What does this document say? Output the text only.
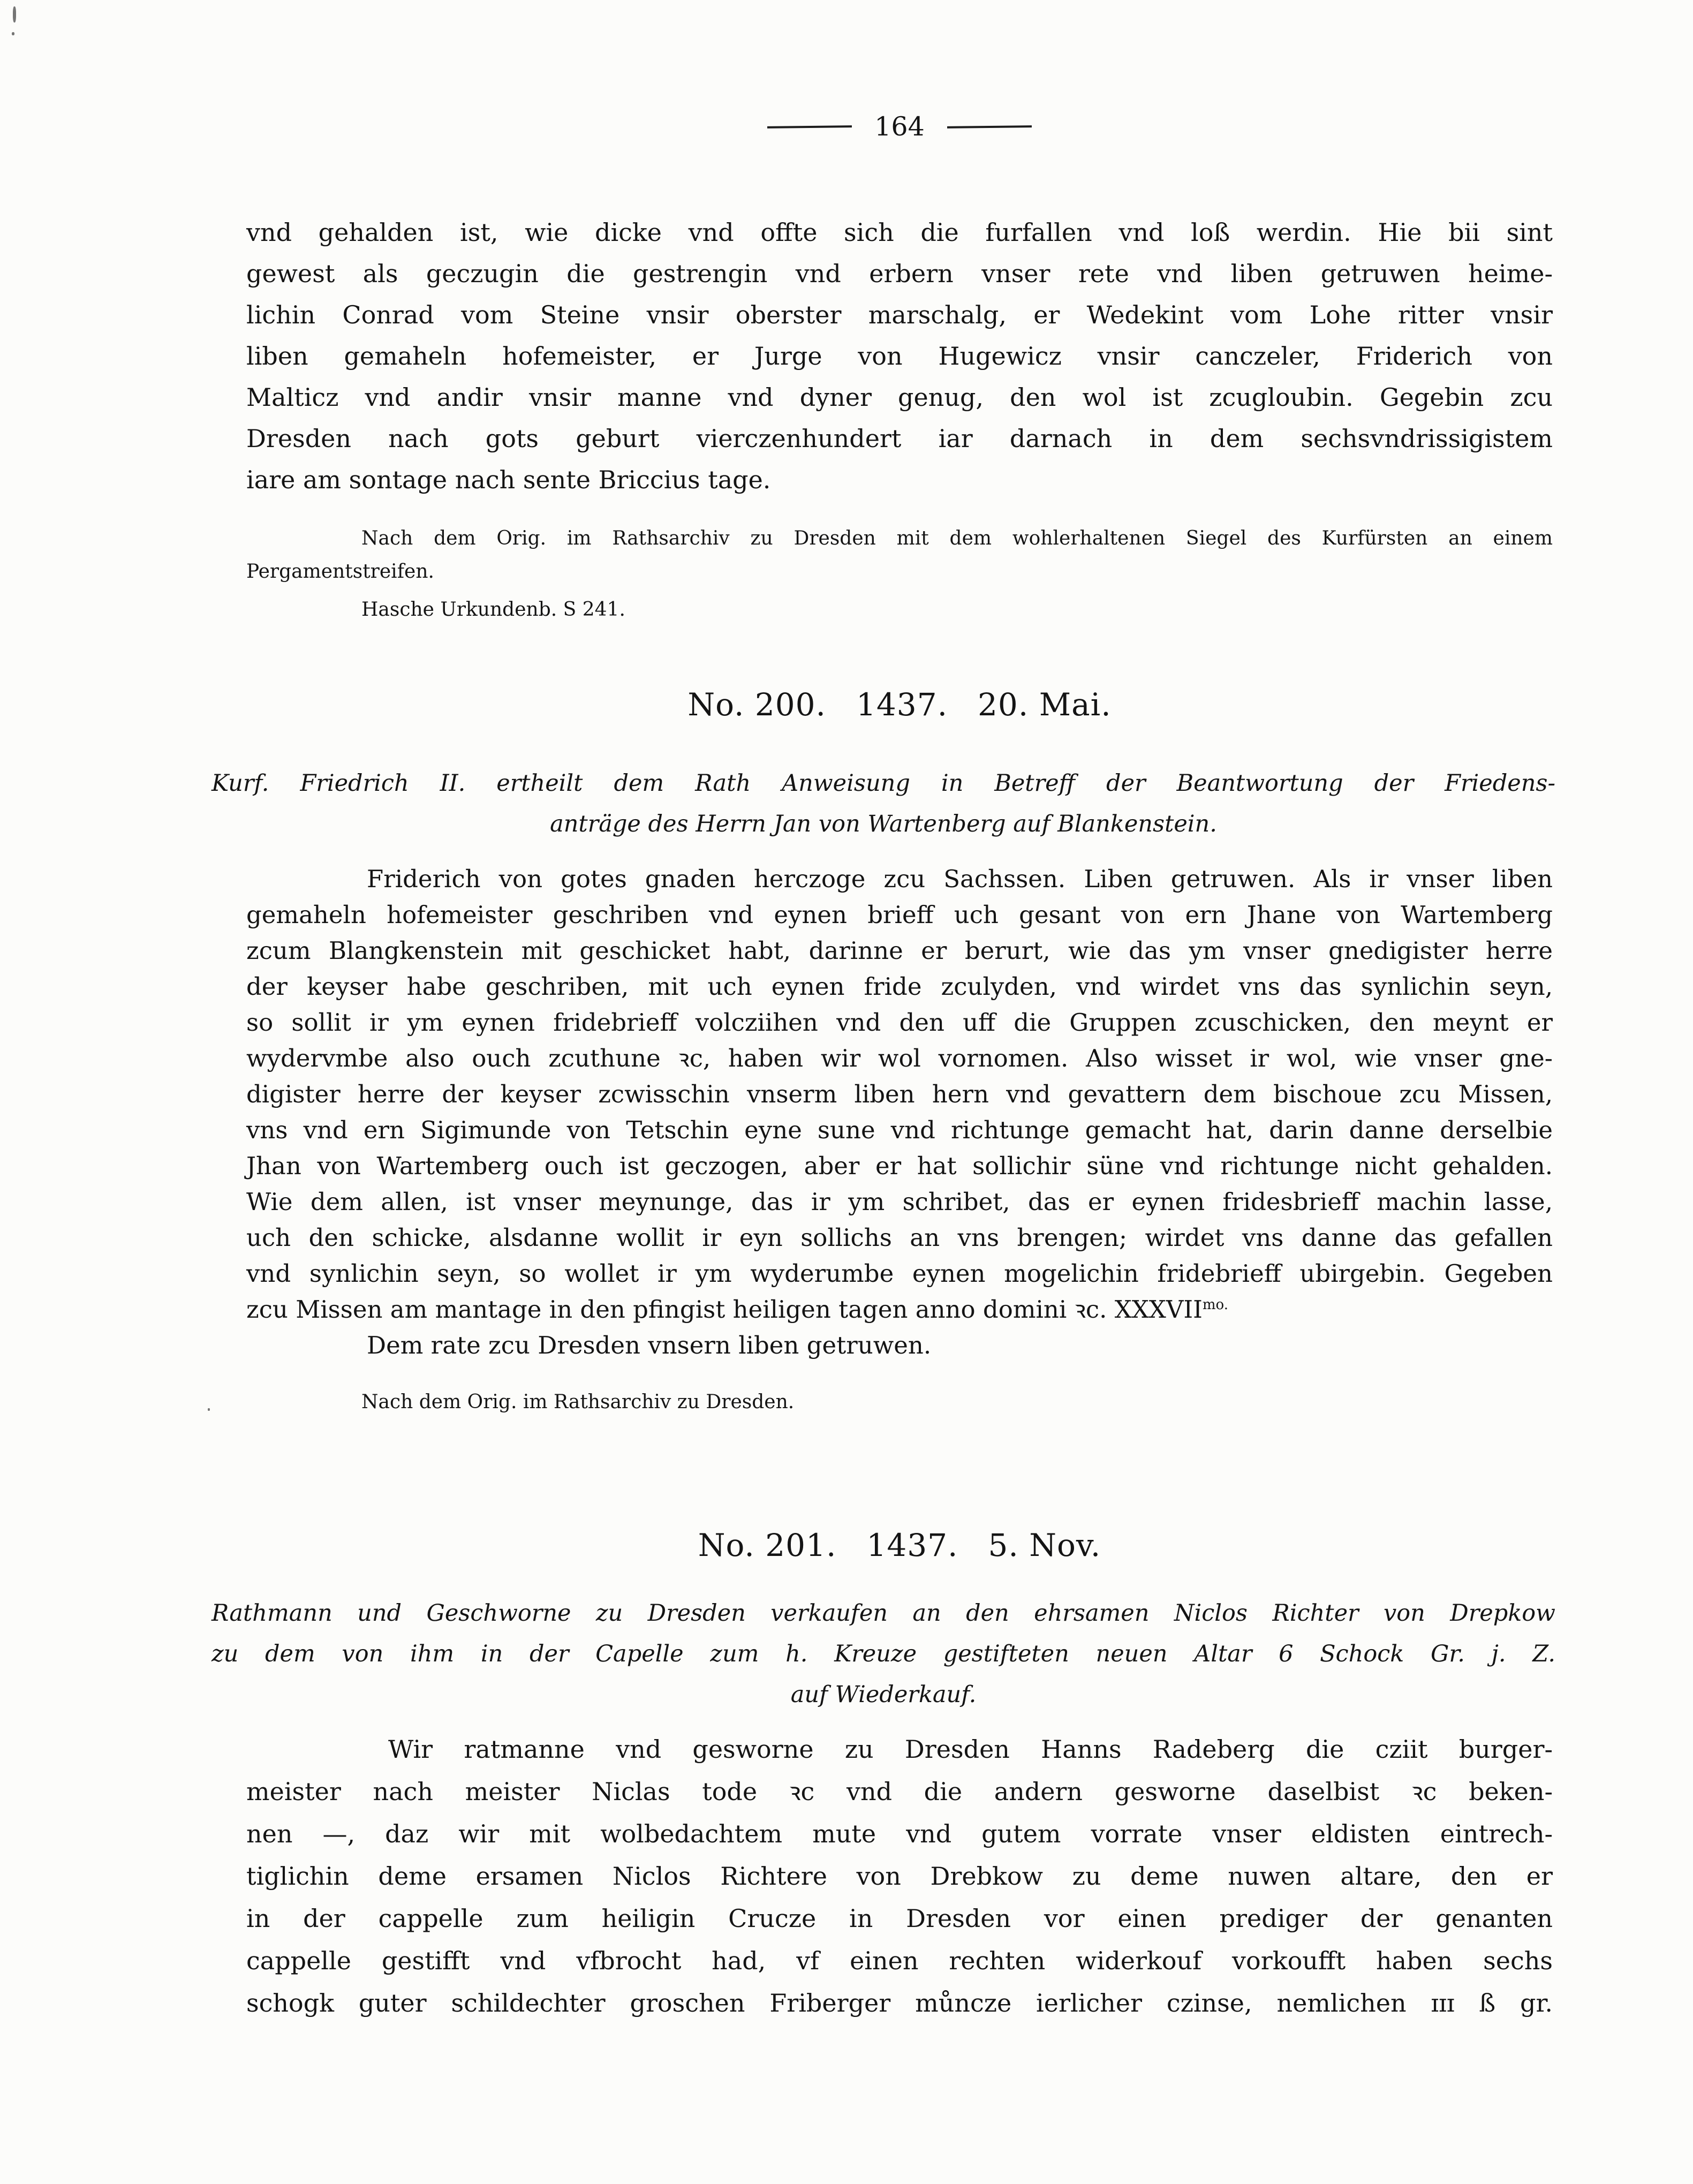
164
vnd gehalden ist, wie dicke vnd offte sich die furfallen vnd loß werdin. Hie bii sint
gewest als geczugin die gestrengin vnd erbern vnser rete vnd liben getruwen heime-
lichin Conrad vom Steine vnsir oberster marschalg, er Wedekint vom Lohe ritter vnsir
liben gemaheln hofemeister, er Jurge von Hugewicz vnsir canczeler, Friderich von
Malticz vnd andir vnsir manne vnd dyner genug, den wol ist zcugloubin. Gegebin zcu
Dresden nach gots geburt vierczenhundert iar darnach in dem sechsvndrissigistem
iare am sontage nach sente Briccius tage.
Nach dem Orig. im Rathsarchiv zu Dresden mit dem wohlerhaltenen Siegel des Kurfürsten an einem
Pergamentstreifen.
Hasche Urkundenb. S 241.
No. 200. 1437. 20. Mai.
Kurf. Friedrich II. ertheilt dem Rath Anweisung in Betreff der Beantwortung der Friedens-
anträge des Herrn Jan von Wartenberg auf Blankenstein.
Friderich von gotes gnaden herczoge zcu Sachssen. Liben getruwen. Als ir vnser liben
gemaheln hofemeister geschriben vnd eynen brieff uch gesant von ern Jhane von Wartemberg
zcum Blangkenstein mit geschicket habt, darinne er berurt, wie das ym vnser gnedigister herre
der keyser habe geschriben, mit uch eynen fride zculyden, vnd wirdet vns das synlichin seyn,
so sollit ir ym eynen fridebrieff volcziihen vnd den uff die Gruppen zcuschicken, den meynt er
wydervmbe also ouch zcuthune ꝛc, haben wir wol vornomen. Also wisset ir wol, wie vnser gne-
digister herre der keyser zcwisschin vnserm liben hern vnd gevattern dem bischoue zcu Missen,
vns vnd ern Sigimunde von Tetschin eyne sune vnd richtunge gemacht hat, darin danne derselbie
Jhan von Wartemberg ouch ist geczogen, aber er hat sollichir süne vnd richtunge nicht gehalden.
Wie dem allen, ist vnser meynunge, das ir ym schribet, das er eynen fridesbrieff machin lasse,
uch den schicke, alsdanne wollit ir eyn sollichs an vns brengen; wirdet vns danne das gefallen
vnd synlichin seyn, so wollet ir ym wyderumbe eynen mogelichin fridebrieff ubirgebin. Gegeben
zcu Missen am mantage in den pfingist heiligen tagen anno domini ꝛc. $XXXVII^{mo.}$
Dem rate zcu Dresden vnsern liben getruwen.
Nach dem Orig. im Rathsarchiv zu Dresden.
No. 201. 1437. 5. Nov.
Rathmann und Geschworne zu Dresden verkaufen an den ehrsamen Niclos Richter von Drepkow
zu dem von ihm in der Capelle zum h. Kreuze gestifteten neuen Altar 6 Schock Gr. j. Z.
auf Wiederkauf.
Wir ratmanne vnd gesworne zu Dresden Hanns Radeberg die cziit burger-
meister nach meister Niclas tode ꝛc vnd die andern gesworne daselbist ꝛc beken-
nen —, daz wir mit wolbedachtem mute vnd gutem vorrate vnser eldisten eintrech-
tiglichin deme ersamen Niclos Richtere von Drebkow zu deme nuwen altare, den er
in der cappelle zum heiligin Crucze in Dresden vor einen prediger der genanten
cappelle gestifft vnd vfbrocht had, vf einen rechten widerkouf vorkoufft haben sechs
schogk guter schildechter groschen Friberger můncze ierlicher czinse, nemlichen ɪɪɪ ß gr.
